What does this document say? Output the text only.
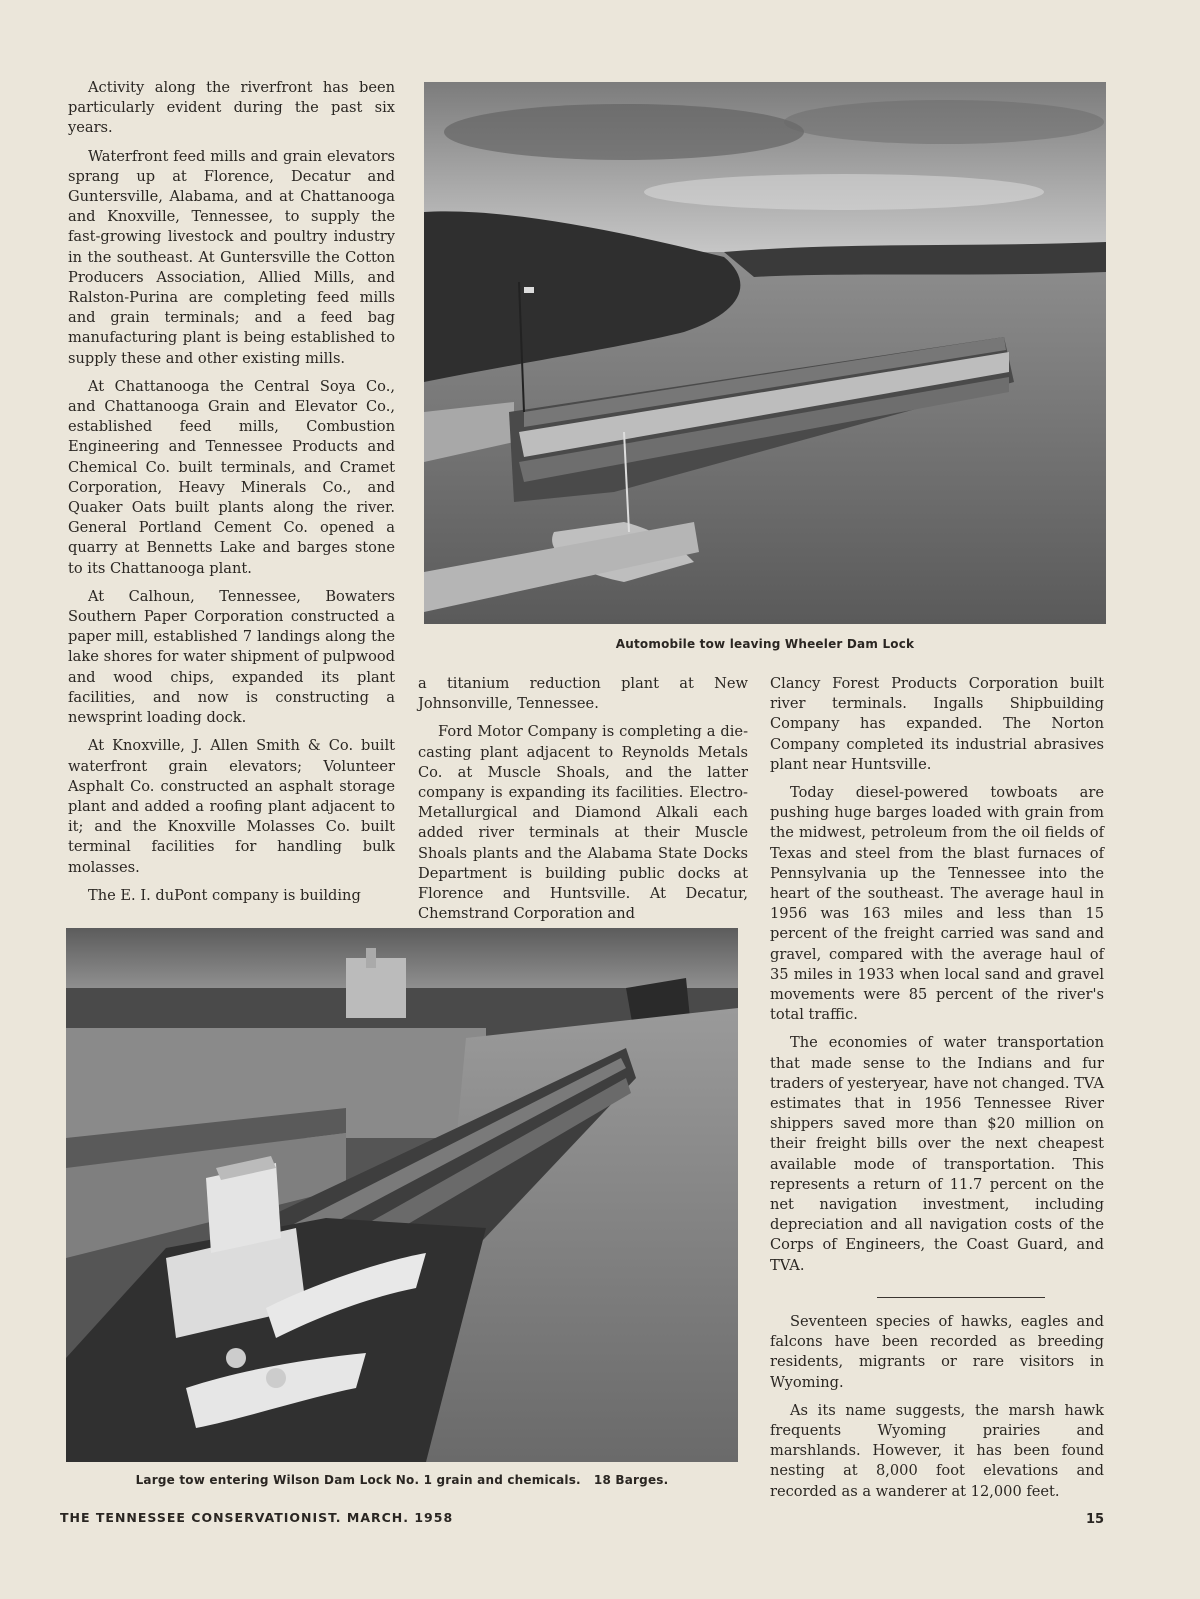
Activity along the riverfront has been particularly evident during the past six years.

Waterfront feed mills and grain elevators sprang up at Florence, Decatur and Guntersville, Alabama, and at Chattanooga and Knoxville, Tennessee, to supply the fast-growing livestock and poultry industry in the southeast. At Guntersville the Cotton Producers Association, Allied Mills, and Ralston-Purina are completing feed mills and grain terminals; and a feed bag manufacturing plant is being established to supply these and other existing mills.

At Chattanooga the Central Soya Co., and Chattanooga Grain and Elevator Co., established feed mills, Combustion Engineering and Tennessee Products and Chemical Co. built terminals, and Cramet Corporation, Heavy Minerals Co., and Quaker Oats built plants along the river. General Portland Cement Co. opened a quarry at Bennetts Lake and barges stone to its Chattanooga plant.

At Calhoun, Tennessee, Bowaters Southern Paper Corporation constructed a paper mill, established 7 landings along the lake shores for water shipment of pulpwood and wood chips, expanded its plant facilities, and now is constructing a newsprint loading dock.

At Knoxville, J. Allen Smith & Co. built waterfront grain elevators; Volunteer Asphalt Co. constructed an asphalt storage plant and added a roofing plant adjacent to it; and the Knoxville Molasses Co. built terminal facilities for handling bulk molasses.

The E. I. duPont company is building

Automobile tow leaving Wheeler Dam Lock

a titanium reduction plant at New Johnsonville, Tennessee.

Ford Motor Company is completing a die-casting plant adjacent to Reynolds Metals Co. at Muscle Shoals, and the latter company is expanding its facilities. Electro-Metallurgical and Diamond Alkali each added river terminals at their Muscle Shoals plants and the Alabama State Docks Department is building public docks at Florence and Huntsville. At Decatur, Chemstrand Corporation and

Clancy Forest Products Corporation built river terminals. Ingalls Shipbuilding Company has expanded. The Norton Company completed its industrial abrasives plant near Huntsville.

Today diesel-powered towboats are pushing huge barges loaded with grain from the midwest, petroleum from the oil fields of Texas and steel from the blast furnaces of Pennsylvania up the Tennessee into the heart of the southeast. The average haul in 1956 was 163 miles and less than 15 percent of the freight carried was sand and gravel, compared with the average haul of 35 miles in 1933 when local sand and gravel movements were 85 percent of the river's total traffic.

The economies of water transportation that made sense to the Indians and fur traders of yesteryear, have not changed. TVA estimates that in 1956 Tennessee River shippers saved more than $20 million on their freight bills over the next cheapest available mode of transportation. This represents a return of 11.7 percent on the net navigation investment, including depreciation and all navigation costs of the Corps of Engineers, the Coast Guard, and TVA.

Seventeen species of hawks, eagles and falcons have been recorded as breeding residents, migrants or rare visitors in Wyoming.

As its name suggests, the marsh hawk frequents Wyoming prairies and marshlands. However, it has been found nesting at 8,000 foot elevations and recorded as a wanderer at 12,000 feet.

Large tow entering Wilson Dam Lock No. 1 grain and chemicals.   18 Barges.
THE TENNESSEE CONSERVATIONIST. MARCH. 1958	15
